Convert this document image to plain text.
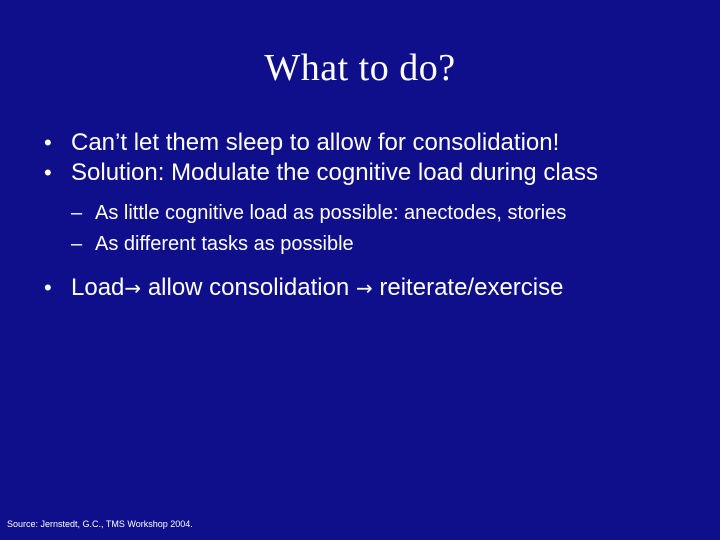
What to do?
• Can’t let them sleep to allow for consolidation!
• Solution: Modulate the cognitive load during class
– As little cognitive load as possible: anectodes, stories
– As different tasks as possible
• Load→ allow consolidation → reiterate/exercise
Source: Jernstedt, G.C., TMS Workshop 2004.
